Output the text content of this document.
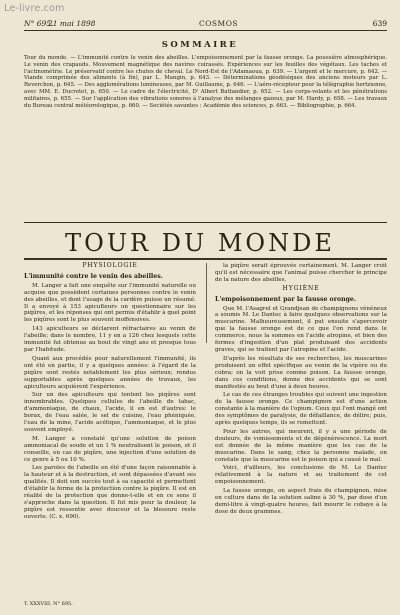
Le-livre.com
N° 695.
21 mai 1898	COSMOS	639
SOMMAIRE
Tour du monde. — L'immunité contre le venin des abeilles. L'empoisonnement par la fausse oronge. La poussière atmosphérique. Le venin des crapauds. Mouvement magnétique des navires cuirassés. Expériences sur les feuilles des végétaux. Les taches et l'actinométrie. Le préservatif contre les chutes de cheval. Le Nord-Est de l'Adamaoua, p. 639. — L'argent et le mercure, p. 642. — Viande comprimée des aliments (à fin), par L. Mangin, p. 643. — Déterminations géodésiques des anciens moteurs par L. Reverchon, p. 645. — Des agglomérations lumineuses, par M. Guillaume, p. 646. — L'aéro-récepteur pour la télégraphie hertzienne, avec MM. E. Ducretet, p. 650. — Le cadre de l'électricité, D' Albert Battandier, p. 652. — Les corps-volants et les pénétrations militaires, p. 655. — Sur l'application des vibrations sonores à l'analyse des mélanges gazeux, par M. Hardy, p. 658. — Les travaux du Bureau central météorologique, p. 660. — Sociétés savantes : Académie des sciences, p. 663. — Bibliographie, p. 664.
TOUR DU MONDE
PHYSIOLOGIE
L'immunité contre le venin des abeilles.

M. Langer a fait une enquête sur l'immunité naturelle ou acquise que possèdent certaines personnes contre le venin des abeilles, et dont l'usage de la cardère puisse un résumé. Il a envoyé à 153 apiculteurs un questionnaire sur les piqûres, et les réponses qui ont permis d'établir à quel point les piqûres sont le plus souvent inoffensives.

143 apiculteurs se déclarent réfractaires au venin de l'abeille; dans le nombre, 11 y en a 126 chez lesquels cette immunité fut obtenue au bout de vingt ans et presque tous par l'habitude.

Quant aux procédés pour naturellement l'immunité, ils ont été en partie, il y a quelques années: à l'égard de la piqûre sont restés notablement les plus sérieux; rendus supportables après quelques années de travaux, les apiculteurs acquièrent l'expérience.

Sur un des apiculteurs qui tentent les piqûres sont innombrables. Quelques cellules de l'abeille de tabac, d'ammoniaque, de chaux, l'acide, il en est d'autres: le borax, de l'eau salée, le sel de cuisine, l'eau phéniquée, l'eau de la mine, l'acide acétique, l'ammoniaque, et le plus souvent employé.

M. Langer a constaté qu'une solution de poison ammoniacal de soude et un 1 % neutralisent le poison, et il conseille, en cas de piqûre, une injection d'une solution de ce genre à 5 ou 10 %.

Les paroles de l'abeille en été d'une façon raisonnable à la hauteur et à la destruction, et sont dépassées d'avant ses qualités. Il doit son succès tout à sa capacité et permettent d'établir la forme de la protection contre la piqûre. Il est en réalité de la protection que donne-t-elle et en ce sens il s'approche dans la question. Il fut mis pour la douleur, la piqûre est ressentie avec douceur et la blessure reste ouverte. (C. x. 690).

la piqûre serait éprouvée certainement. M. Langer croit qu'il est nécessaire que l'animal puisse chercher le principe de la nature des abeilles.

HYGIÈNE
L'empoisonnement par la fausse oronge.

Que M. l'Asagrel et Grandjean de champignons vénéneux a soumis M. Le Dantec à faire quelques observations sur la muscarine. Malheureusement, il put ensuite s'apercevoir que la fausse oronge est de ce que l'on rend dans le commerce, nous la sommes en l'acide atropine, et bien des formes d'ingestion d'un plat produisant des accidents graves, qui se traitent par l'atropine et l'acide.

D'après les résultats de ses recherches, les muscarines produisent un effet spécifique au venin de la vipère ou du cobra; on la voit prise comme poison. La fausse oronge, dans ces conditions, donne des accidents qui se sont manifestés au bout d'une à deux heures.

Le cas de ces étranges troubles qui suivent une ingestion de la fausse oronge. Ce champignon est d'une action constante à la manière de l'opium. Ceux qui l'ont mangé ont des symptômes de paralysie, de défaillance, de délire; puis, après quelques temps, ils se remettent.

Pour les autres, qui meurent, il y a une période de douleurs, de vomissements et de dégénérescence. La mort est donnée de la même manière que les cas de la muscarine. Dans le sang, chez la personne malade, on constate que la muscarine est le poison qui a causé le mal.

Voici, d'ailleurs, les conclusions de M. Le Dantec relativement à la nature et au traitement de cet empoisonnement.

La fausse oronge, on aspect frais du champignon, mise en culture dans de la solution saline à 30 %, par dose d'un demi-litre à vingt-quatre heures, fait mourir le cobaye à la dose de deux grammes.

T. XXXVIII. N° 695.
